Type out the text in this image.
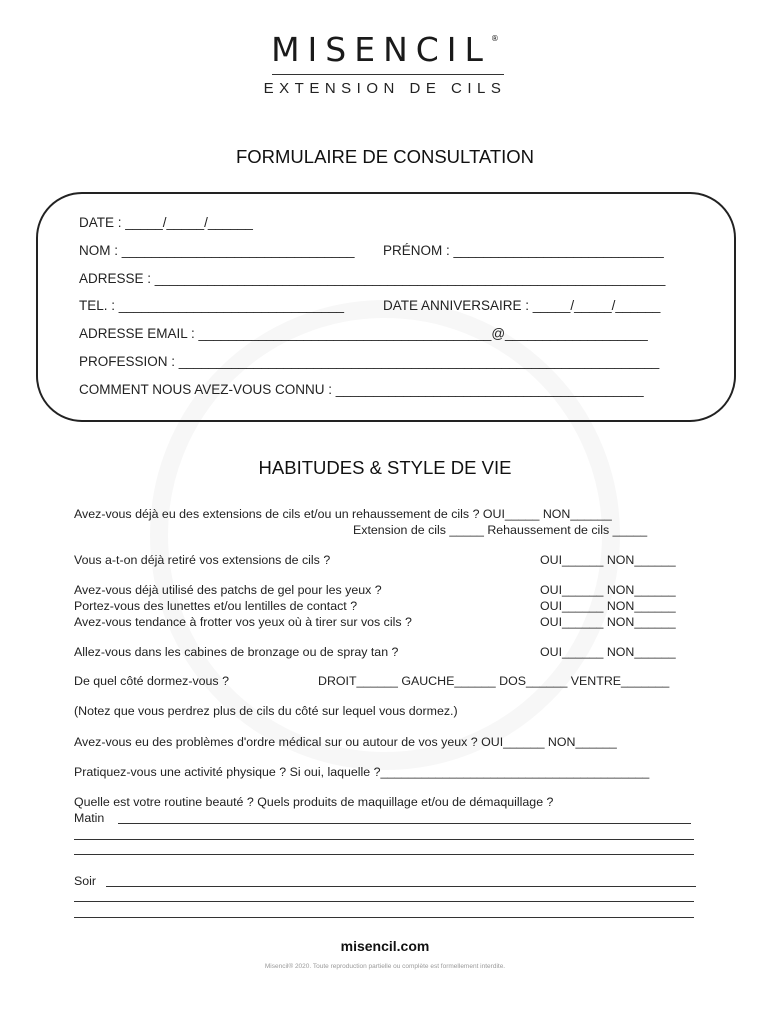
MISENCIL®
EXTENSION DE CILS
FORMULAIRE DE CONSULTATION
DATE : _____/_____/______
NOM : _______________________________ PRÉNOM : ____________________________
ADRESSE : ____________________________________________________________________
TEL. : ______________________________	DATE ANNIVERSAIRE : _____/_____/______
ADRESSE EMAIL : _______________________________________@___________________
PROFESSION : ________________________________________________________________
COMMENT NOUS AVEZ-VOUS CONNU : _________________________________________
HABITUDES & STYLE DE VIE
Avez-vous déjà eu des extensions de cils et/ou un rehaussement de cils ? OUI_____ NON______
Extension de cils _____ Rehaussement de cils _____
Vous a-t-on déjà retiré vos extensions de cils ?	OUI______ NON______
Avez-vous déjà utilisé des patchs de gel pour les yeux ?	OUI______ NON______
Portez-vous des lunettes et/ou lentilles de contact ?	OUI______ NON______
Avez-vous tendance à frotter vos yeux où à tirer sur vos cils ?	OUI______ NON______
Allez-vous dans les cabines de bronzage ou de spray tan ?	OUI______ NON______
De quel côté dormez-vous ?	DROIT______ GAUCHE______ DOS______ VENTRE_______
(Notez que vous perdrez plus de cils du côté sur lequel vous dormez.)
Avez-vous eu des problèmes d'ordre médical sur ou autour de vos yeux ? OUI______ NON______
Pratiquez-vous une activité physique ? Si oui, laquelle ?_______________________________________
Quelle est votre routine beauté ? Quels produits de maquillage et/ou de démaquillage ?
Matin
Soir
misencil.com
Misencil® 2020. Toute reproduction partielle ou complète est formellement interdite.
